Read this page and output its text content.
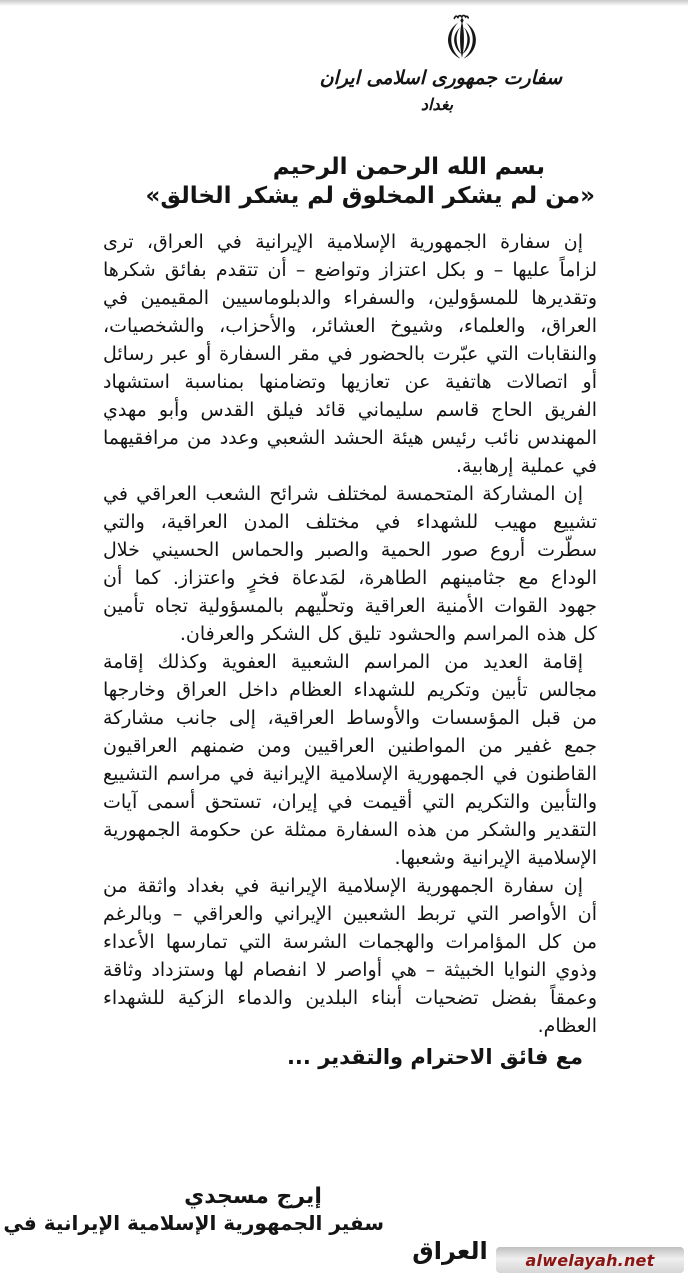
سفارت جمهوری اسلامی ایران
بغداد
بسم الله الرحمن الرحيم
«من لم يشكر المخلوق لم يشكر الخالق»

إن سفارة الجمهورية الإسلامية الإيرانية في العراق، ترى لزاماً عليها – و بكل اعتزاز وتواضع – أن تتقدم بفائق شكرها وتقديرها للمسؤولين، والسفراء والدبلوماسيين المقيمين في العراق، والعلماء، وشيوخ العشائر، والأحزاب، والشخصيات، والنقابات التي عبّرت بالحضور في مقر السفارة أو عبر رسائل أو اتصالات هاتفية عن تعازيها وتضامنها بمناسبة استشهاد الفريق الحاج قاسم سليماني قائد فيلق القدس وأبو مهدي المهندس نائب رئيس هيئة الحشد الشعبي وعدد من مرافقيهما في عملية إرهابية.

إن المشاركة المتحمسة لمختلف شرائح الشعب العراقي في تشييع مهيب للشهداء في مختلف المدن العراقية، والتي سطّرت أروع صور الحمية والصبر والحماس الحسيني خلال الوداع مع جثامينهم الطاهرة، لمَدعاة فخرٍ واعتزاز. كما أن جهود القوات الأمنية العراقية وتحلّيهم بالمسؤولية تجاه تأمين كل هذه المراسم والحشود تليق كل الشكر والعرفان.

إقامة العديد من المراسم الشعبية العفوية وكذلك إقامة مجالس تأبين وتكريم للشهداء العظام داخل العراق وخارجها من قبل المؤسسات والأوساط العراقية، إلى جانب مشاركة جمع غفير من المواطنين العراقيين ومن ضمنهم العراقيون القاطنون في الجمهورية الإسلامية الإيرانية في مراسم التشييع والتأبين والتكريم التي أقيمت في إيران، تستحق أسمى آيات التقدير والشكر من هذه السفارة ممثلة عن حكومة الجمهورية الإسلامية الإيرانية وشعبها.

إن سفارة الجمهورية الإسلامية الإيرانية في بغداد واثقة من أن الأواصر التي تربط الشعبين الإيراني والعراقي – وبالرغم من كل المؤامرات والهجمات الشرسة التي تمارسها الأعداء وذوي النوايا الخبيثة – هي أواصر لا انفصام لها وستزداد وثاقة وعمقاً بفضل تضحيات أبناء البلدين والدماء الزكية للشهداء العظام.

مع فائق الاحترام والتقدير ...
إيرج مسجدي
سفير الجمهورية الإسلامية الإيرانية في
العراق	alwelayah.net
